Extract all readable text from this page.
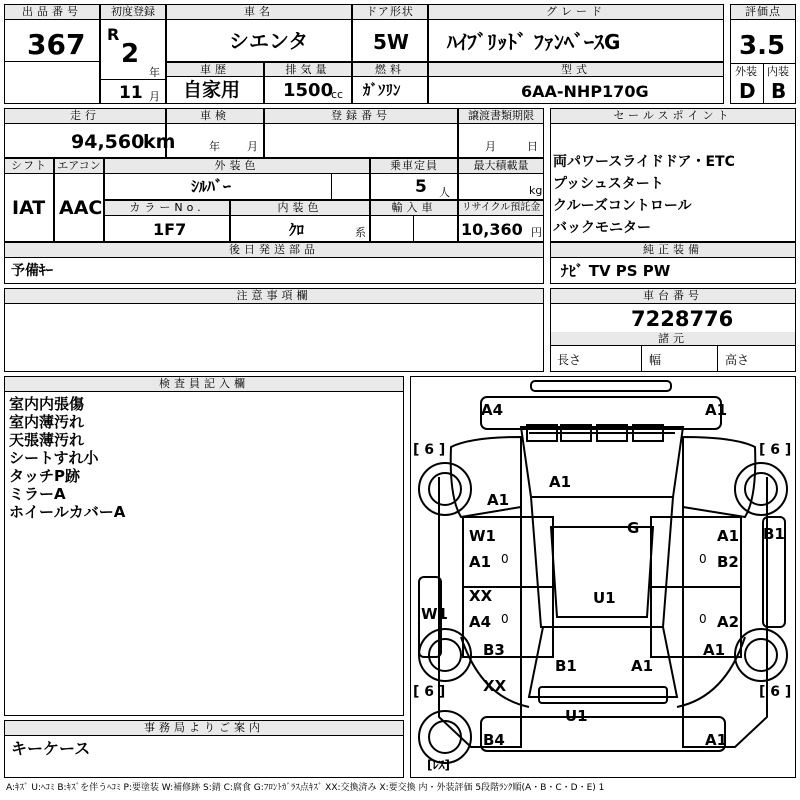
出品番号
367
初度登録
R
2
年
11 月
車名
シエンタ
ドア形状
5W
グレード
ﾊｲﾌﾞﾘｯﾄﾞ ﾌｧﾝﾍﾞｰｽG
評価点
3.5
外装 内装
D B
車歴
自家用
排気量
1500
cc
燃料
ｶﾞｿﾘﾝ
型式
6AA-NHP170G
走行
94,560
km
車検
年 月
登録番号	譲渡書類期限
月	日
セールスポイント
両パワースライドドア・ETC
プッシュスタート
クルーズコントロール
バックモニター
シフト
IAT
エアコン
AAC
外装色
ｼﾙﾊﾞｰ
乗車定員
5 人
最大積載量
kg
カラーNo.
1F7
内装色
ｸﾛ	系
輸入車	リサイクル預託金
10,360 円
後日発送部品
予備ｷｰ
純正装備
ﾅﾋﾞ TV PS PW
注意事項欄	車台番号
7228776
諸元
長さ	幅	高さ
検査員記入欄
室内内張傷
室内薄汚れ
天張薄汚れ
シートすれ小
タッチP跡
ミラーA
ホイールカバーA
事務局よりご案内
キーケース
A4	A1
[ 6 ]	[ 6 ]
A1
A1
G
W1	A1 B1
A1 0	0 B2
XX	U1
W1 A4 0	0 A2
B3	A1
B1	A1
XX
[ 6 ]	[ 6 ]
U1
B4	A1
[ﾚｽ]
A:ｷｽﾞ U:ﾍｺﾐ B:ｷｽﾞを伴うﾍｺﾐ P:要塗装 W:補修跡 S:錆 C:腐食 G:ﾌﾛﾝﾄｶﾞﾗｽ点ｷｽﾞ XX:交換済み X:要交換 内・外装評価 5段階ﾗﾝｸ順(A・B・C・D・E) 1
